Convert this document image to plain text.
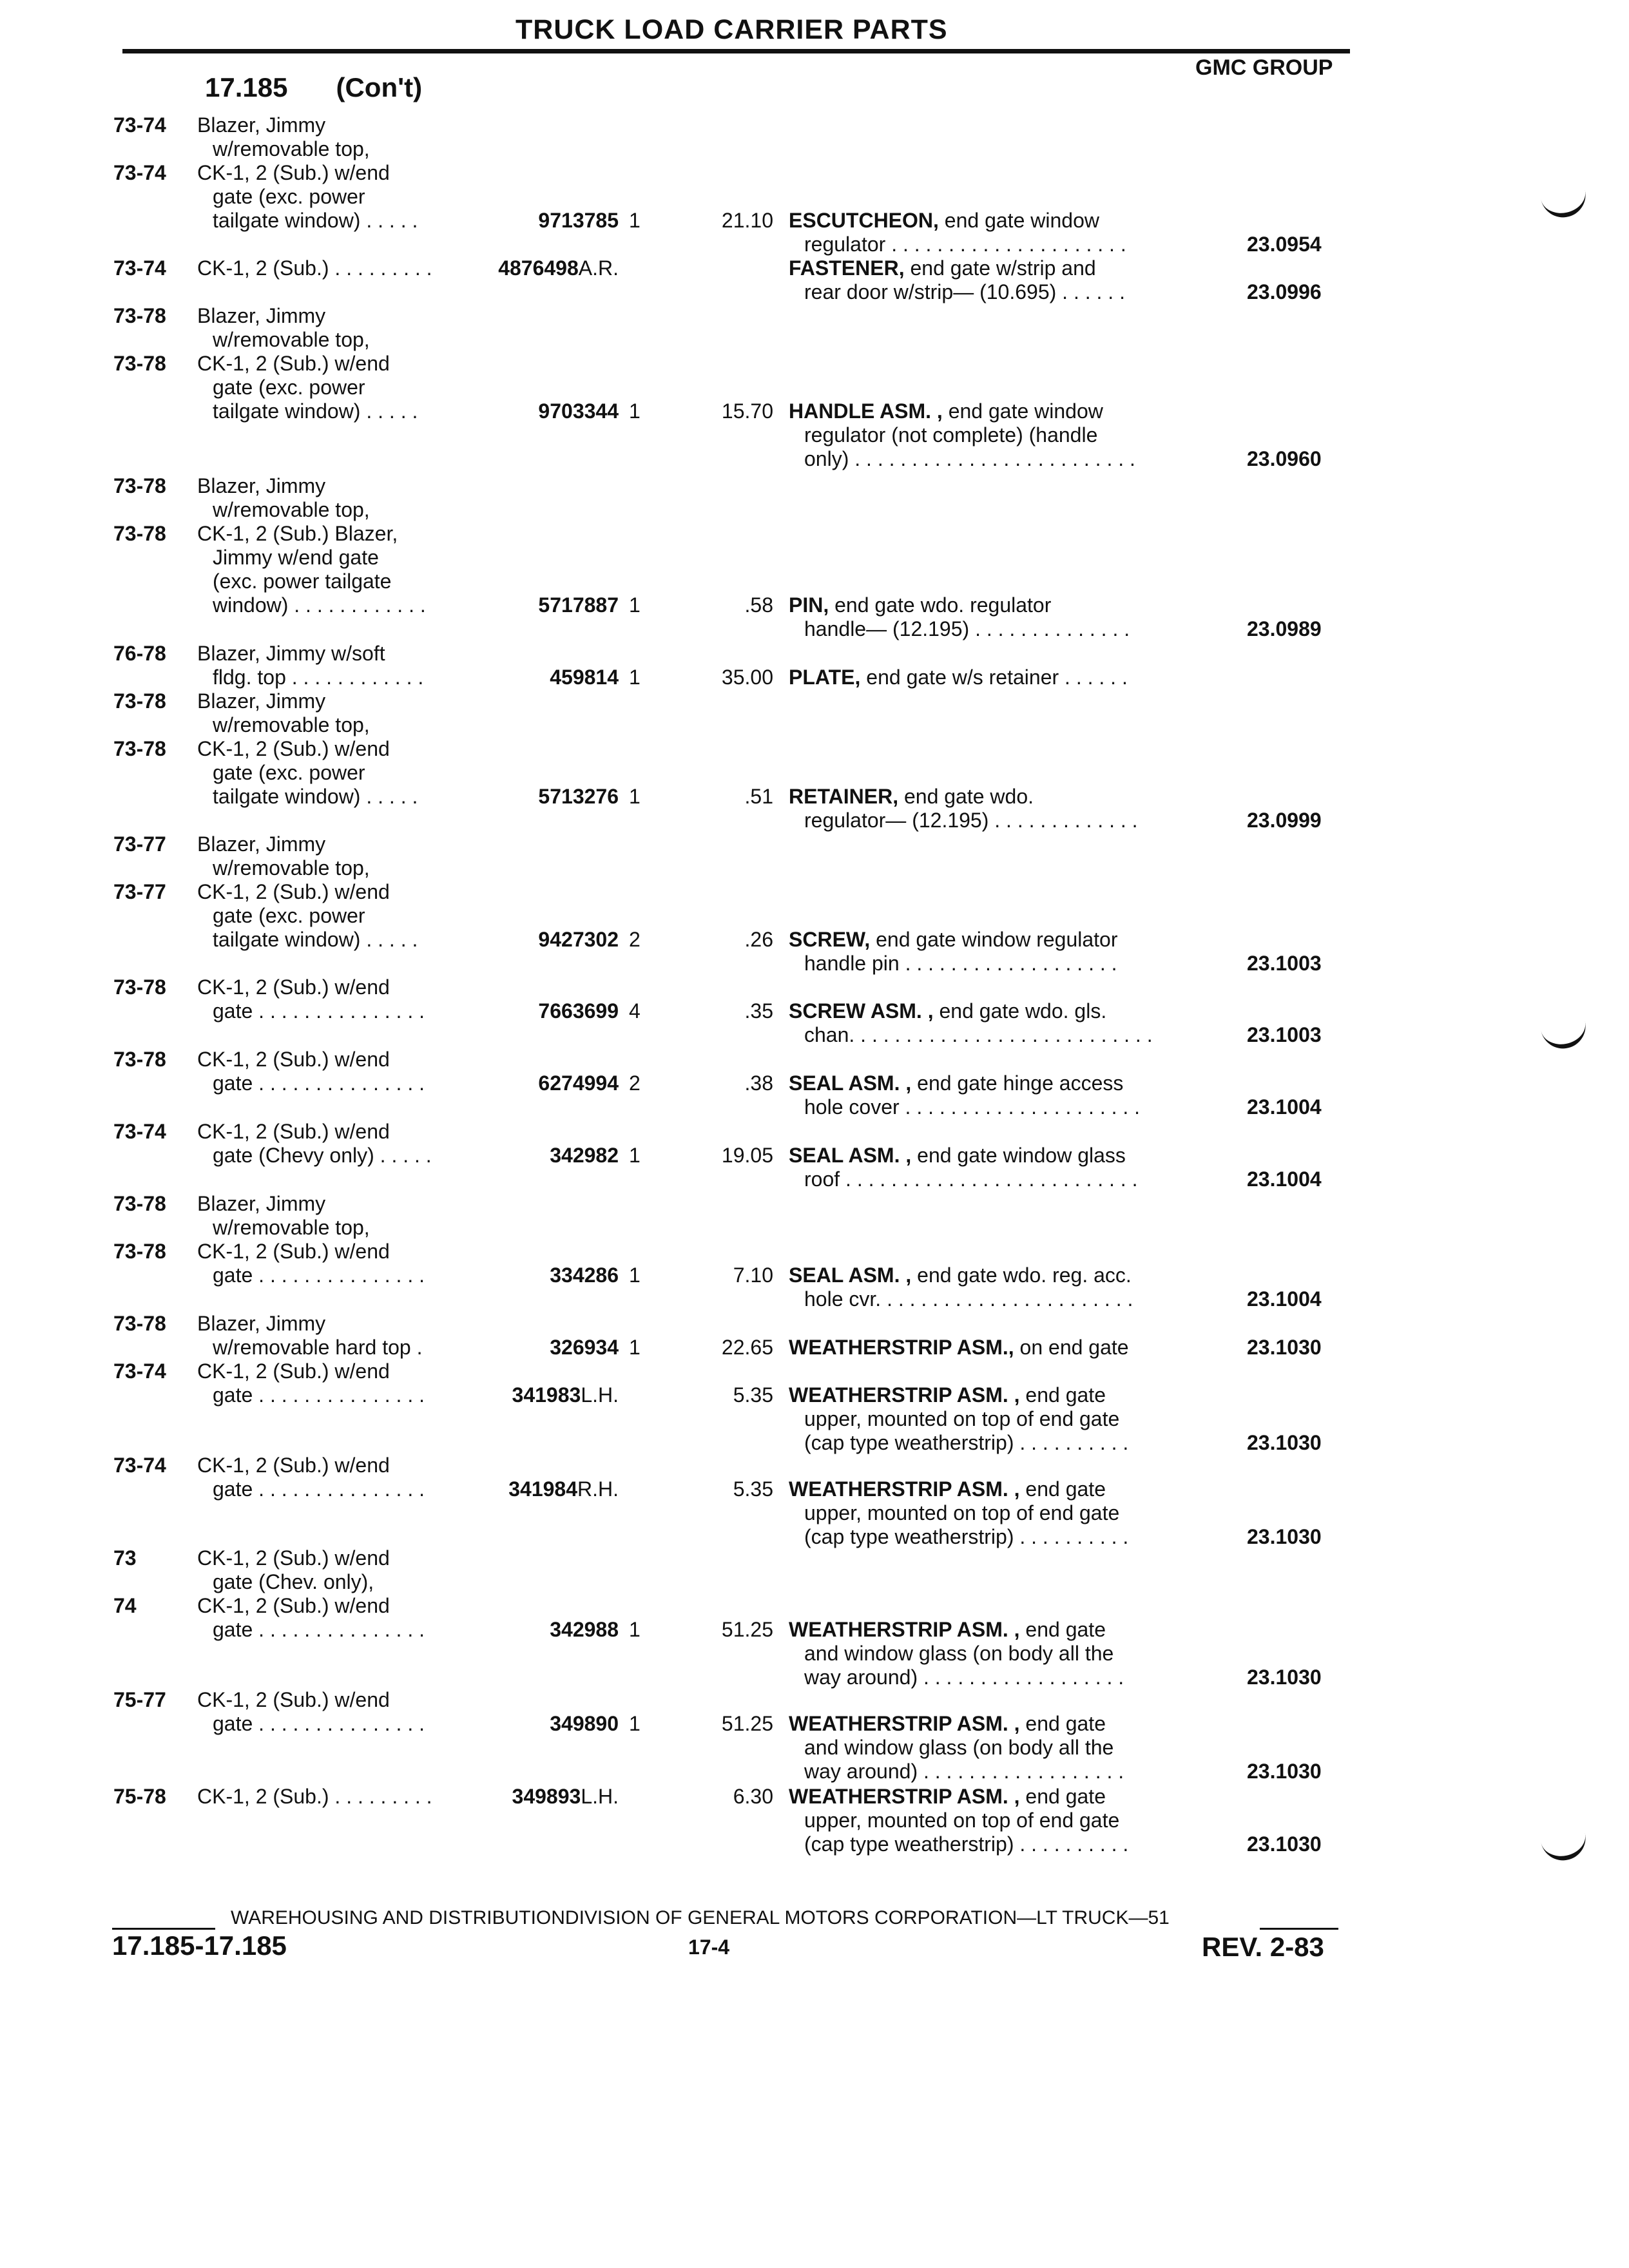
TRUCK LOAD CARRIER PARTS
GMC GROUP
17.185 (Con't)
73-74 Blazer, Jimmy
w/removable top,
73-74 CK-1, 2 (Sub.) w/end
gate (exc. power
tailgate window) . . . . .	9713785 1	21.10 ESCUTCHEON, end gate window
regulator . . . . . . . . . . . . . . . . . . . . .	23.0954
73-74 CK-1, 2 (Sub.) . . . . . . . . .	4876498A.R.	FASTENER, end gate w/strip and
rear door w/strip— (10.695) . . . . . .	23.0996
73-78 Blazer, Jimmy
w/removable top,
73-78 CK-1, 2 (Sub.) w/end
gate (exc. power
tailgate window) . . . . .	9703344 1	15.70 HANDLE ASM. , end gate window
regulator (not complete) (handle
only) . . . . . . . . . . . . . . . . . . . . . . . . .	23.0960
73-78 Blazer, Jimmy
w/removable top,
73-78 CK-1, 2 (Sub.) Blazer,
Jimmy w/end gate
(exc. power tailgate
window) . . . . . . . . . . . .	5717887 1	.58 PIN, end gate wdo. regulator
handle— (12.195) . . . . . . . . . . . . . .	23.0989
76-78 Blazer, Jimmy w/soft
fldg. top . . . . . . . . . . . .	459814 1	35.00 PLATE, end gate w/s retainer . . . . . .
73-78 Blazer, Jimmy
w/removable top,
73-78 CK-1, 2 (Sub.) w/end
gate (exc. power
tailgate window) . . . . .	5713276 1	.51 RETAINER, end gate wdo.
regulator— (12.195) . . . . . . . . . . . . .	23.0999
73-77 Blazer, Jimmy
w/removable top,
73-77 CK-1, 2 (Sub.) w/end
gate (exc. power
tailgate window) . . . . .	9427302 2	.26 SCREW, end gate window regulator
handle pin . . . . . . . . . . . . . . . . . . .	23.1003
73-78 CK-1, 2 (Sub.) w/end
gate . . . . . . . . . . . . . . .	7663699 4	.35 SCREW ASM. , end gate wdo. gls.
chan. . . . . . . . . . . . . . . . . . . . . . . . . . .	23.1003
73-78 CK-1, 2 (Sub.) w/end
gate . . . . . . . . . . . . . . .	6274994 2	.38 SEAL ASM. , end gate hinge access
hole cover . . . . . . . . . . . . . . . . . . . . .	23.1004
73-74 CK-1, 2 (Sub.) w/end
gate (Chevy only) . . . . .	342982 1	19.05 SEAL ASM. , end gate window glass
roof . . . . . . . . . . . . . . . . . . . . . . . . . .	23.1004
73-78 Blazer, Jimmy
w/removable top,
73-78 CK-1, 2 (Sub.) w/end
gate . . . . . . . . . . . . . . .	334286 1	7.10 SEAL ASM. , end gate wdo. reg. acc.
hole cvr. . . . . . . . . . . . . . . . . . . . . . .	23.1004
73-78 Blazer, Jimmy
w/removable hard top .	326934 1	22.65 WEATHERSTRIP ASM., on end gate	23.1030
73-74 CK-1, 2 (Sub.) w/end
gate . . . . . . . . . . . . . . .	341983L.H.	5.35 WEATHERSTRIP ASM. , end gate
upper, mounted on top of end gate
(cap type weatherstrip) . . . . . . . . . .	23.1030
73-74 CK-1, 2 (Sub.) w/end
gate . . . . . . . . . . . . . . .	341984R.H.	5.35 WEATHERSTRIP ASM. , end gate
upper, mounted on top of end gate
(cap type weatherstrip) . . . . . . . . . .	23.1030
73	CK-1, 2 (Sub.) w/end
gate (Chev. only),
74	CK-1, 2 (Sub.) w/end
gate . . . . . . . . . . . . . . .	342988 1	51.25 WEATHERSTRIP ASM. , end gate
and window glass (on body all the
way around) . . . . . . . . . . . . . . . . . .	23.1030
75-77 CK-1, 2 (Sub.) w/end
gate . . . . . . . . . . . . . . .	349890 1	51.25 WEATHERSTRIP ASM. , end gate
and window glass (on body all the
way around) . . . . . . . . . . . . . . . . . .	23.1030
75-78 CK-1, 2 (Sub.) . . . . . . . . .	349893L.H.	6.30 WEATHERSTRIP ASM. , end gate
upper, mounted on top of end gate
(cap type weatherstrip) . . . . . . . . . .	23.1030
WAREHOUSING AND DISTRIBUTIONDIVISION OF GENERAL MOTORS CORPORATION—LT TRUCK—51
17.185-17.185	17-4	REV. 2-83
